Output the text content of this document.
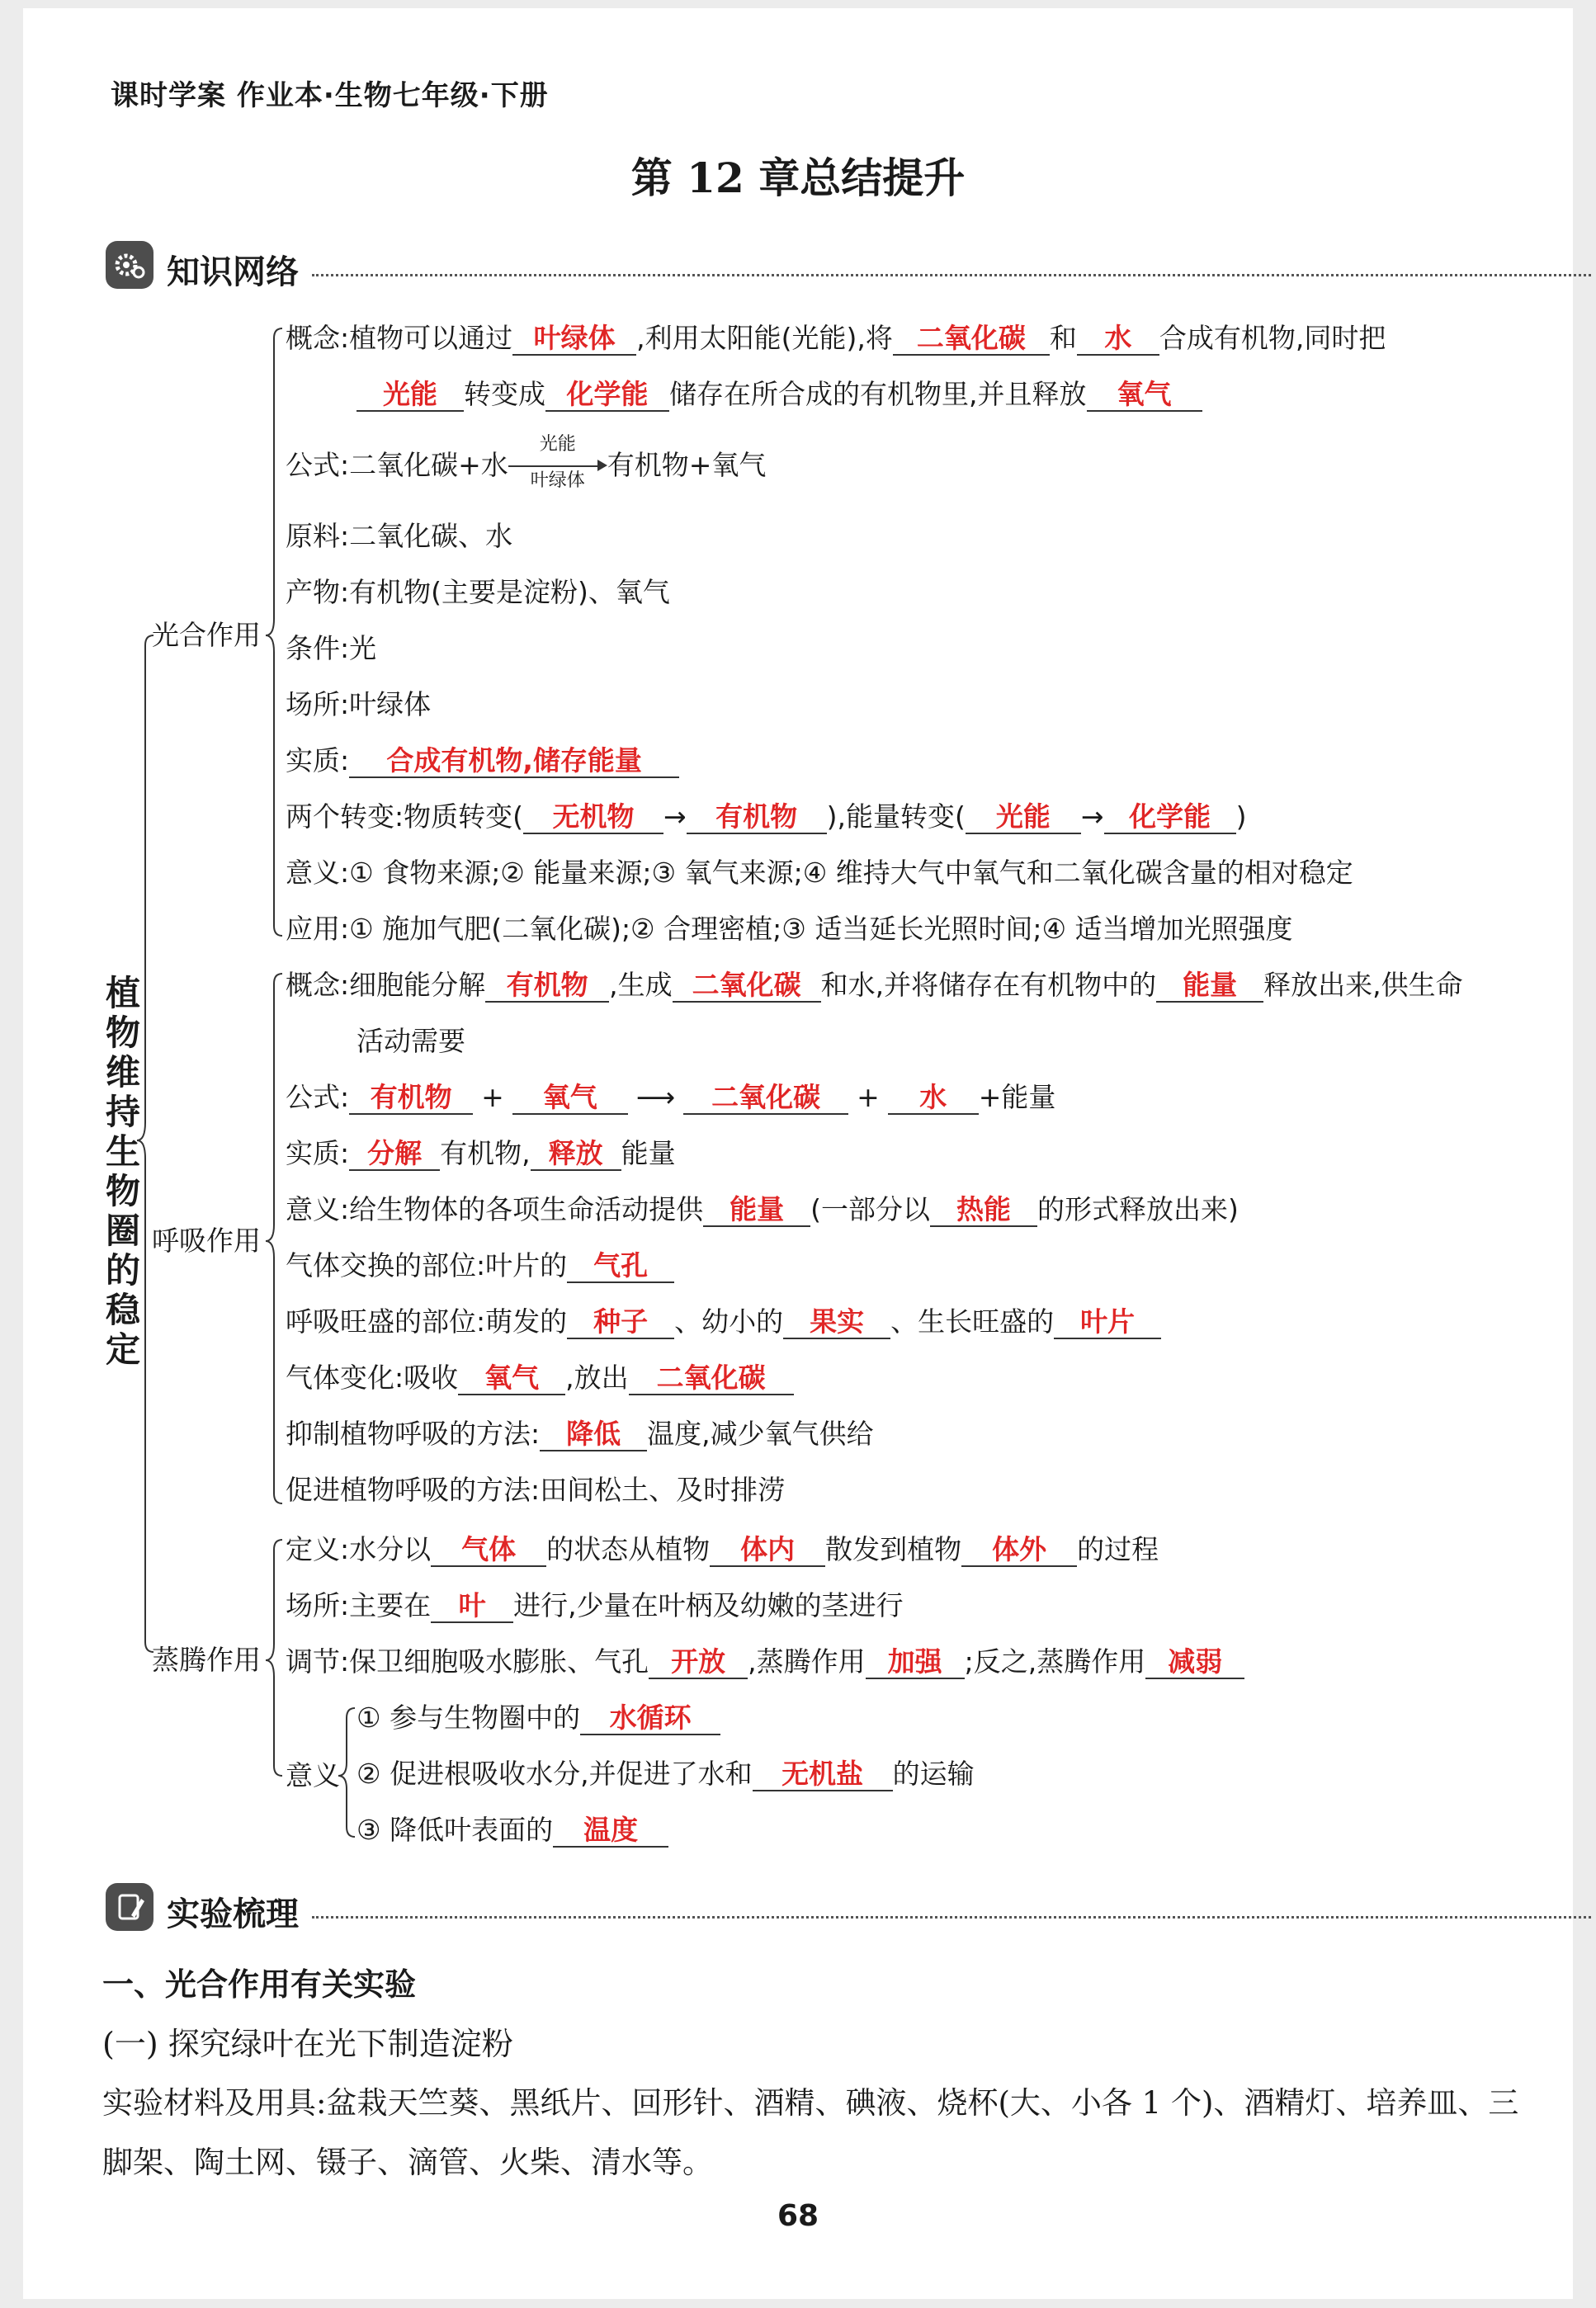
课时学案 作业本·生物七年级·下册
第 12 章总结提升
知识网络
植物维持生物圈的稳定
光合作用
呼吸作用
蒸腾作用
概念:植物可以通过 叶绿体 ,利用太阳能(光能),将 二氧化碳 和 水 合成有机物,同时把
光能 转变成 化学能 储存在所合成的有机物里,并且释放 氧气
公式:二氧化碳+水
光能
叶绿体 有机物+氧气
原料:二氧化碳、水
产物:有机物(主要是淀粉)、氧气
条件:光
场所:叶绿体
实质: 合成有机物,储存能量
两个转变:物质转变( 无机物 → 有机物 ),能量转变( 光能 → 化学能 )
意义:① 食物来源;② 能量来源;③ 氧气来源;④ 维持大气中氧气和二氧化碳含量的相对稳定
应用:① 施加气肥(二氧化碳);② 合理密植;③ 适当延长光照时间;④ 适当增加光照强度
概念:细胞能分解 有机物 ,生成 二氧化碳 和水,并将储存在有机物中的 能量 释放出来,供生命
活动需要
公式: 有机物 + 氧气 ⟶ 二氧化碳 + 水 +能量
实质: 分解 有机物, 释放 能量
意义:给生物体的各项生命活动提供 能量 (一部分以 热能 的形式释放出来)
气体交换的部位:叶片的 气孔
呼吸旺盛的部位:萌发的 种子 、幼小的 果实 、生长旺盛的 叶片
气体变化:吸收 氧气 ,放出 二氧化碳
抑制植物呼吸的方法: 降低 温度,减少氧气供给
促进植物呼吸的方法:田间松土、及时排涝
定义:水分以 气体 的状态从植物 体内 散发到植物 体外 的过程
场所:主要在 叶 进行,少量在叶柄及幼嫩的茎进行
调节:保卫细胞吸水膨胀、气孔 开放 ,蒸腾作用 加强 ;反之,蒸腾作用 减弱
意义
① 参与生物圈中的 水循环
② 促进根吸收水分,并促进了水和 无机盐 的运输
③ 降低叶表面的 温度
实验梳理
一、光合作用有关实验
(一) 探究绿叶在光下制造淀粉
实验材料及用具:盆栽天竺葵、黑纸片、回形针、酒精、碘液、烧杯(大、小各 1 个)、酒精灯、培养皿、三
脚架、陶土网、镊子、滴管、火柴、清水等。
68
